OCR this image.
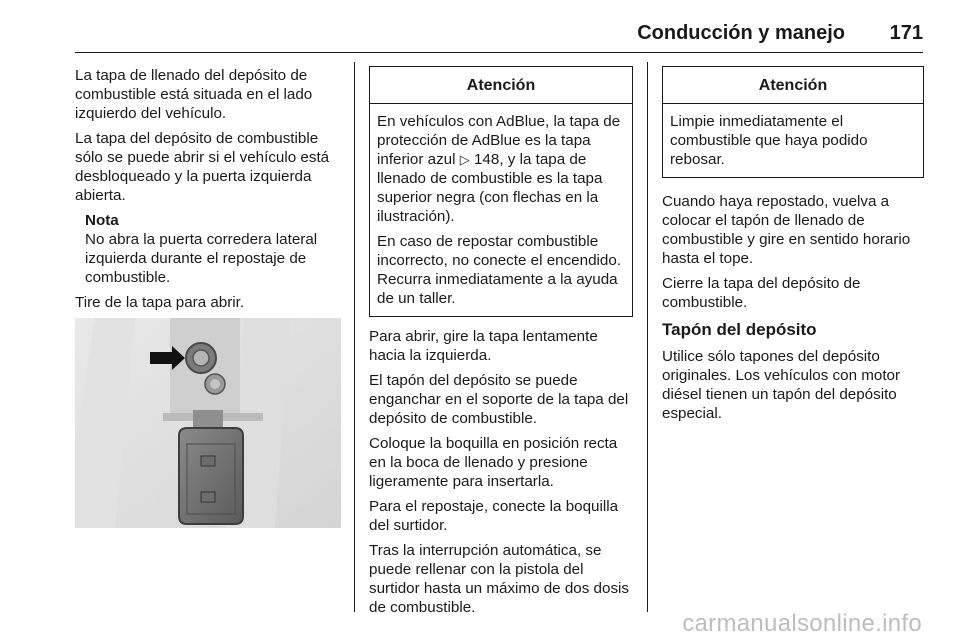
Conducción y manejo 171

La tapa de llenado del depósito de combustible está situada en el lado izquierdo del vehículo.

La tapa del depósito de combustible sólo se puede abrir si el vehículo está desbloqueado y la puerta izquierda abierta.

Nota
No abra la puerta corredera lateral izquierda durante el repostaje de combustible.

Tire de la tapa para abrir.

Atención

En vehículos con AdBlue, la tapa de protección de AdBlue es la tapa inferior azul ▷ 148, y la tapa de llenado de combustible es la tapa superior negra (con flechas en la ilustración).

En caso de repostar combustible incorrecto, no conecte el encendido. Recurra inmediatamente a la ayuda de un taller.

Para abrir, gire la tapa lentamente hacia la izquierda.

El tapón del depósito se puede enganchar en el soporte de la tapa del depósito de combustible.

Coloque la boquilla en posición recta en la boca de llenado y presione ligeramente para insertarla.

Para el repostaje, conecte la boquilla del surtidor.

Tras la interrupción automática, se puede rellenar con la pistola del surtidor hasta un máximo de dos dosis de combustible.

Atención

Limpie inmediatamente el combustible que haya podido rebosar.

Cuando haya repostado, vuelva a colocar el tapón de llenado de combustible y gire en sentido horario hasta el tope.

Cierre la tapa del depósito de combustible.

Tapón del depósito

Utilice sólo tapones del depósito originales. Los vehículos con motor diésel tienen un tapón del depósito especial.

carmanualsonline.info
